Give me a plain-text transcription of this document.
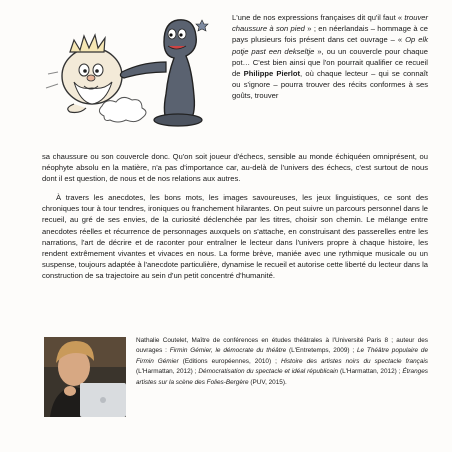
L'une de nos expressions françaises dit qu'il faut « trouver chaussure à son pied » ; en néerlandais – hommage à ce pays plusieurs fois présent dans cet ouvrage – « Op elk potje past een dekseltje », ou un couvercle pour chaque pot… C'est bien ainsi que l'on pourrait qualifier ce recueil de Philippe Pierlot, où chaque lecteur – qui se connaît ou s'ignore – pourra trouver des récits conformes à ses goûts, trouver

sa chaussure ou son couvercle donc. Qu'on soit joueur d'échecs, sensible au monde échiquéen omniprésent, ou néophyte absolu en la matière, n'a pas d'importance car, au-delà de l'univers des échecs, c'est surtout de nous dont il est question, de nous et de nos relations aux autres.

À travers les anecdotes, les bons mots, les images savoureuses, les jeux linguistiques, ce sont des chroniques tour à tour tendres, ironiques ou franchement hilarantes. On peut suivre un parcours personnel dans le recueil, au gré de ses envies, de la curiosité déclenchée par les titres, choisir son chemin. Le mélange entre anecdotes réelles et récurrence de personnages auxquels on s'attache, en construisant des passerelles entre les narrations, l'art de décrire et de raconter pour entraîner le lecteur dans l'univers propre à chaque histoire, les rendent extrêmement vivantes et vivaces en nous. La forme brève, maniée avec une rythmique musicale ou un suspense, toujours adaptée à l'anecdote particulière, dynamise le recueil et autorise cette liberté du lecteur dans la construction de sa trajectoire au sein d'un petit concentré d'humanité.

Nathalie Coutelet, Maître de conférences en études théâtrales à l'Université Paris 8 ; auteur des ouvrages : Firmin Gémier, le démocrate du théâtre (L'Entretemps, 2009) ; Le Théâtre populaire de Firmin Gémier (Editions européennes, 2010) ; Histoire des artistes noirs du spectacle français (L'Harmattan, 2012) ; Démocratisation du spectacle et idéal républicain (L'Harmattan, 2012) ; Étranges artistes sur la scène des Folies-Bergère (PUV, 2015).
